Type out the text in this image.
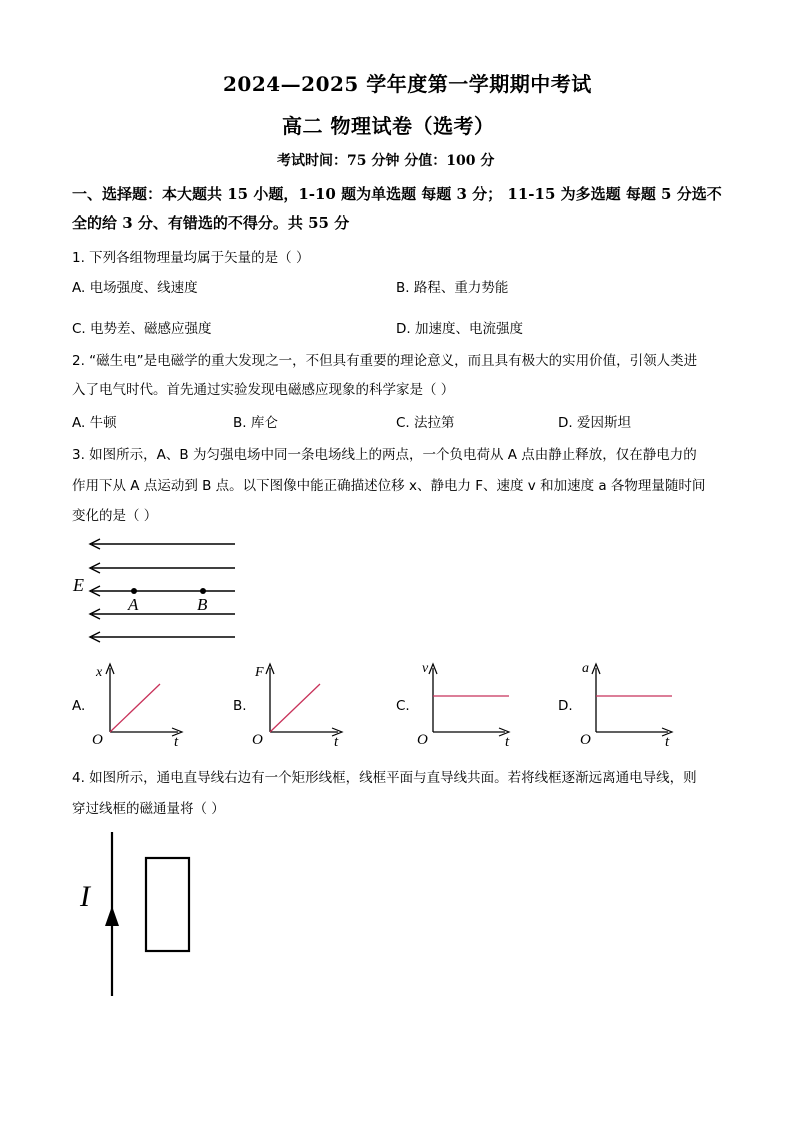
2024—2025 学年度第一学期期中考试
高二 物理试卷（选考）
考试时间：75 分钟 分值：100 分
一、选择题：本大题共 15 小题，1-10 题为单选题 每题 3 分； 11-15 为多选题 每题 5 分选不
全的给 3 分、有错选的不得分。共 55 分
1. 下列各组物理量均属于矢量的是（ ）
A. 电场强度、线速度	B. 路程、重力势能
C. 电势差、磁感应强度	D. 加速度、电流强度
2. “磁生电”是电磁学的重大发现之一，不但具有重要的理论意义，而且具有极大的实用价值，引领人类进
入了电气时代。首先通过实验发现电磁感应现象的科学家是（ ）
A. 牛顿	B. 库仑	C. 法拉第	D. 爱因斯坦
3. 如图所示，A、B 为匀强电场中同一条电场线上的两点，一个负电荷从 A 点由静止释放，仅在静电力的
作用下从 A 点运动到 B 点。以下图像中能正确描述位移 x、静电力 F、速度 v 和加速度 a 各物理量随时间
变化的是（ ）
E
A	B
A.
x
t
O
B.
F
t
O
C.
v
t
O
D.
a
t
O
4. 如图所示，通电直导线右边有一个矩形线框，线框平面与直导线共面。若将线框逐渐远离通电导线，则
穿过线框的磁通量将（ ）
I
